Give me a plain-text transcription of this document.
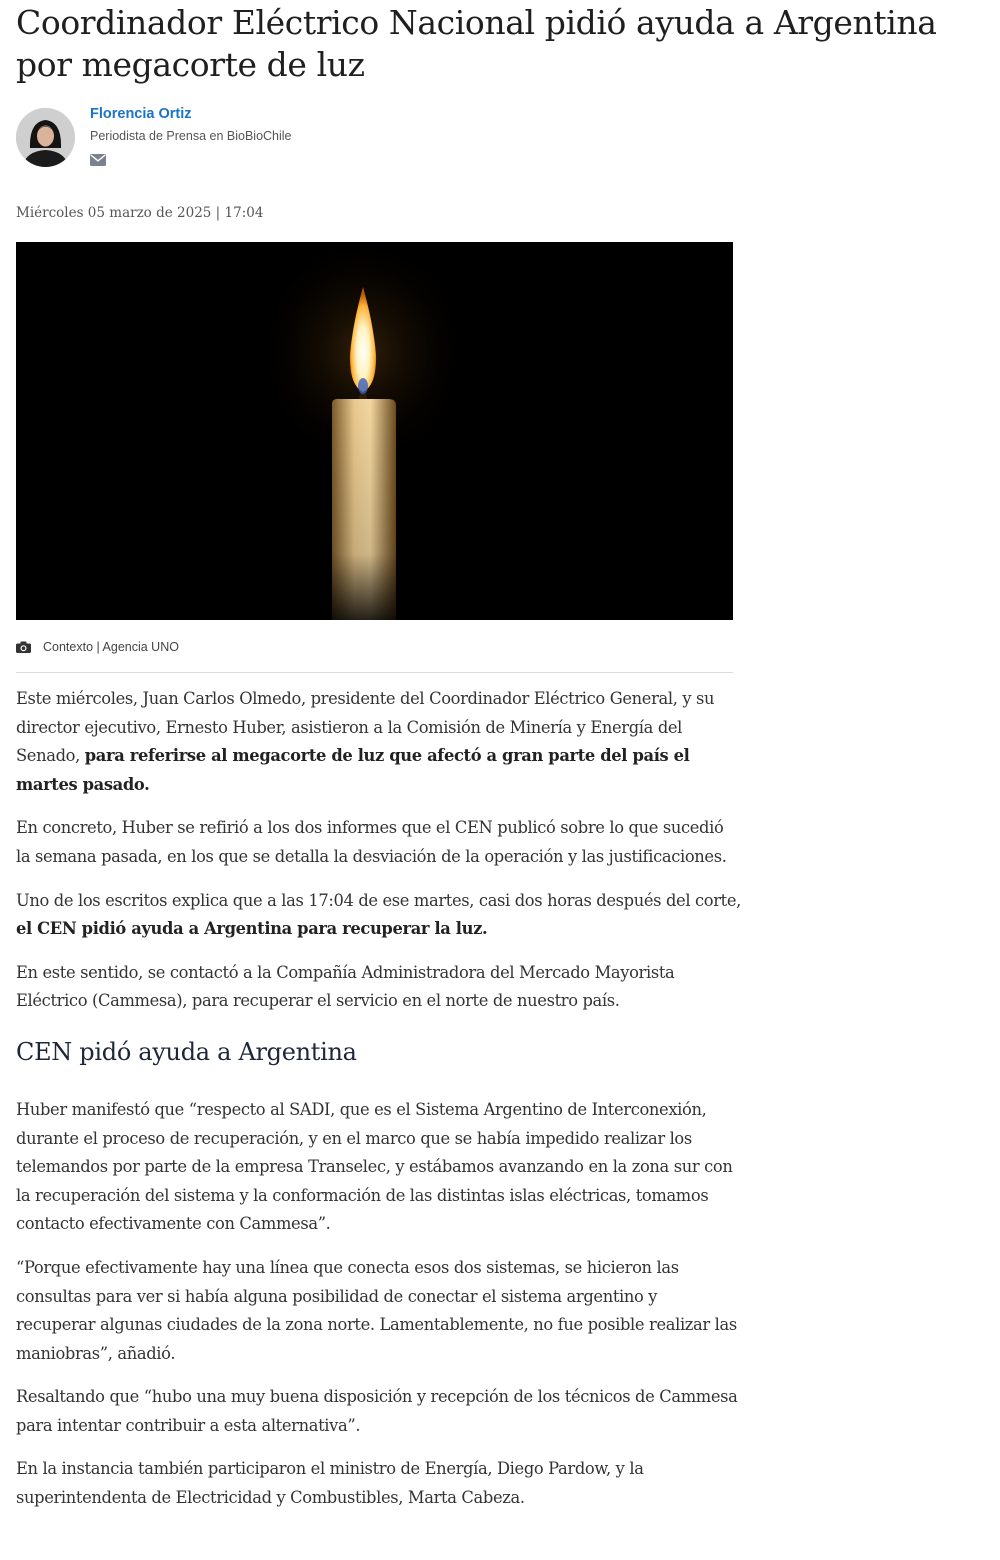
Coordinador Eléctrico Nacional pidió ayuda a Argentina por megacorte de luz
Florencia Ortiz
Periodista de Prensa en BioBioChile
Miércoles 05 marzo de 2025 | 17:04
Contexto | Agencia UNO

Este miércoles, Juan Carlos Olmedo, presidente del Coordinador Eléctrico General, y su director ejecutivo, Ernesto Huber, asistieron a la Comisión de Minería y Energía del Senado, para referirse al megacorte de luz que afectó a gran parte del país el martes pasado.

En concreto, Huber se refirió a los dos informes que el CEN publicó sobre lo que sucedió la semana pasada, en los que se detalla la desviación de la operación y las justificaciones.

Uno de los escritos explica que a las 17:04 de ese martes, casi dos horas después del corte, el CEN pidió ayuda a Argentina para recuperar la luz.

En este sentido, se contactó a la Compañía Administradora del Mercado Mayorista Eléctrico (Cammesa), para recuperar el servicio en el norte de nuestro país.

CEN pidó ayuda a Argentina

Huber manifestó que “respecto al SADI, que es el Sistema Argentino de Interconexión, durante el proceso de recuperación, y en el marco que se había impedido realizar los telemandos por parte de la empresa Transelec, y estábamos avanzando en la zona sur con la recuperación del sistema y la conformación de las distintas islas eléctricas, tomamos contacto efectivamente con Cammesa”.

“Porque efectivamente hay una línea que conecta esos dos sistemas, se hicieron las consultas para ver si había alguna posibilidad de conectar el sistema argentino y recuperar algunas ciudades de la zona norte. Lamentablemente, no fue posible realizar las maniobras”, añadió.

Resaltando que “hubo una muy buena disposición y recepción de los técnicos de Cammesa para intentar contribuir a esta alternativa”.

En la instancia también participaron el ministro de Energía, Diego Pardow, y la superintendenta de Electricidad y Combustibles, Marta Cabeza.
